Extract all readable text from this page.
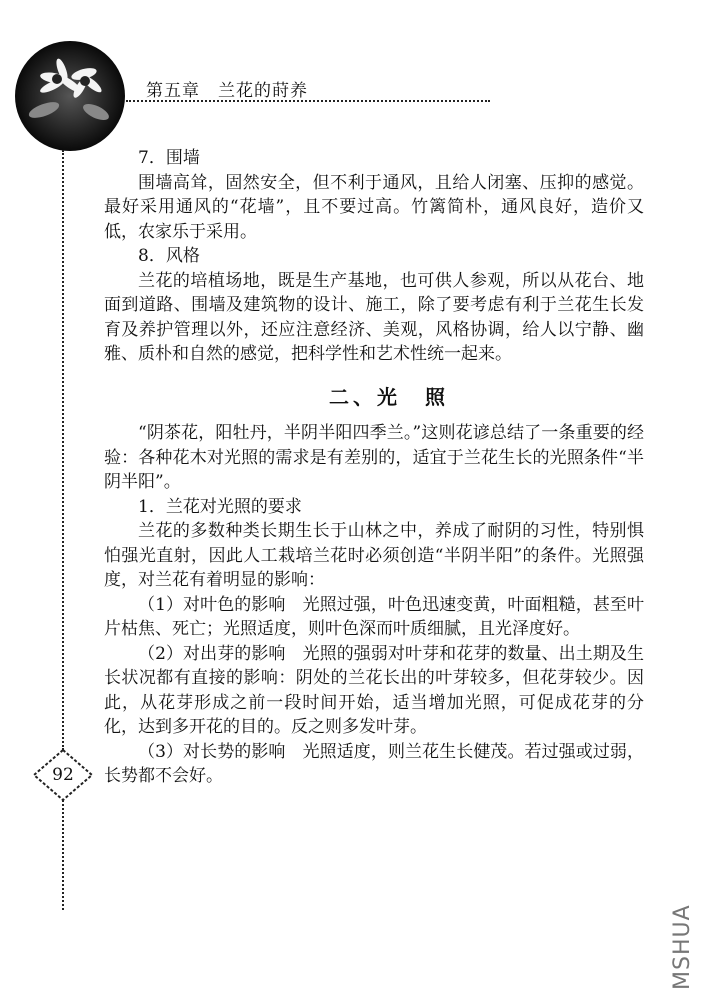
第五章　兰花的莳养
92

7．围墙

围墙高耸，固然安全，但不利于通风，且给人闭塞、压抑的感觉。最好采用通风的“花墙”，且不要过高。竹篱简朴，通风良好，造价又低，农家乐于采用。

8．风格

兰花的培植场地，既是生产基地，也可供人参观，所以从花台、地面到道路、围墙及建筑物的设计、施工，除了要考虑有利于兰花生长发育及养护管理以外，还应注意经济、美观，风格协调，给人以宁静、幽雅、质朴和自然的感觉，把科学性和艺术性统一起来。

二、光　照

“阴茶花，阳牡丹，半阴半阳四季兰。”这则花谚总结了一条重要的经验：各种花木对光照的需求是有差别的，适宜于兰花生长的光照条件“半阴半阳”。

1．兰花对光照的要求

兰花的多数种类长期生长于山林之中，养成了耐阴的习性，特别惧怕强光直射，因此人工栽培兰花时必须创造“半阴半阳”的条件。光照强度，对兰花有着明显的影响：

（1）对叶色的影响　光照过强，叶色迅速变黄，叶面粗糙，甚至叶片枯焦、死亡；光照适度，则叶色深而叶质细腻，且光泽度好。

（2）对出芽的影响　光照的强弱对叶芽和花芽的数量、出土期及生长状况都有直接的影响：阴处的兰花长出的叶芽较多，但花芽较少。因此，从花芽形成之前一段时间开始，适当增加光照，可促成花芽的分化，达到多开花的目的。反之则多发叶芽。

（3）对长势的影响　光照适度，则兰花生长健茂。若过强或过弱，长势都不会好。

MSHUA
